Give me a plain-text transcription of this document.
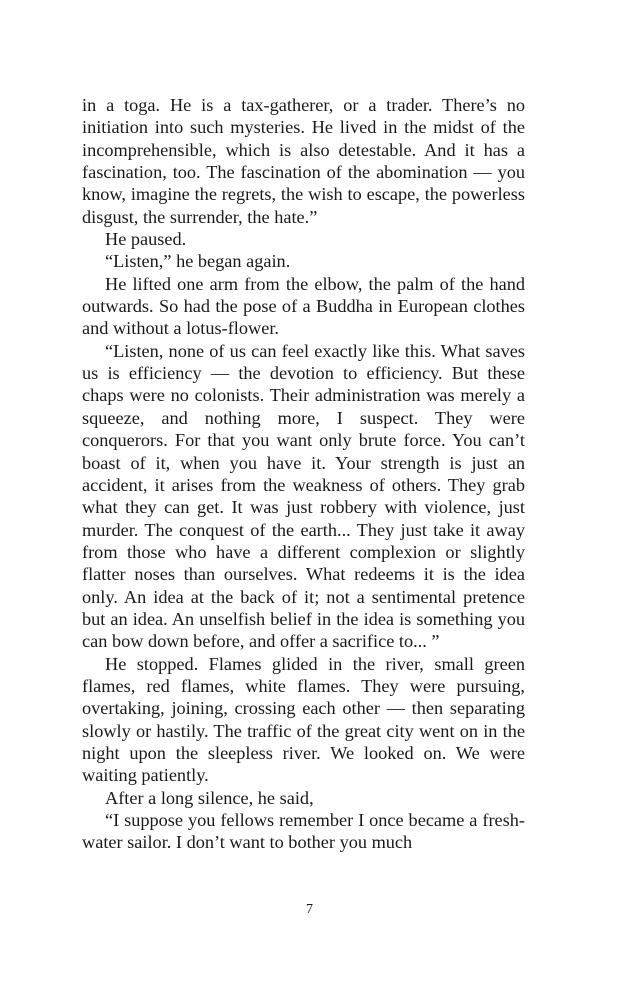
in a toga. He is a tax-gatherer, or a trader. There’s no initiation into such mysteries. He lived in the midst of the incomprehensible, which is also detestable. And it has a fascination, too. The fascination of the abomination — you know, imagine the regrets, the wish to escape, the powerless disgust, the surrender, the hate.”

He paused.

“Listen,” he began again.

He lifted one arm from the elbow, the palm of the hand outwards. So had the pose of a Buddha in European clothes and without a lotus-flower.

“Listen, none of us can feel exactly like this. What saves us is efficiency — the devotion to efficiency. But these chaps were no colonists. Their administration was merely a squeeze, and nothing more, I suspect. They were conquerors. For that you want only brute force. You can’t boast of it, when you have it. Your strength is just an accident, it arises from the weakness of others. They grab what they can get. It was just robbery with violence, just murder. The conquest of the earth... They just take it away from those who have a different complexion or slightly flatter noses than ourselves. What redeems it is the idea only. An idea at the back of it; not a sentimental pretence but an idea. An unselfish belief in the idea is something you can bow down before, and offer a sacrifice to... ”

He stopped. Flames glided in the river, small green flames, red flames, white flames. They were pursuing, overtaking, joining, crossing each other — then separating slowly or hastily. The traffic of the great city went on in the night upon the sleepless river. We looked on. We were waiting patiently.

After a long silence, he said,

“I suppose you fellows remember I once became a fresh-water sailor. I don’t want to bother you much

7
